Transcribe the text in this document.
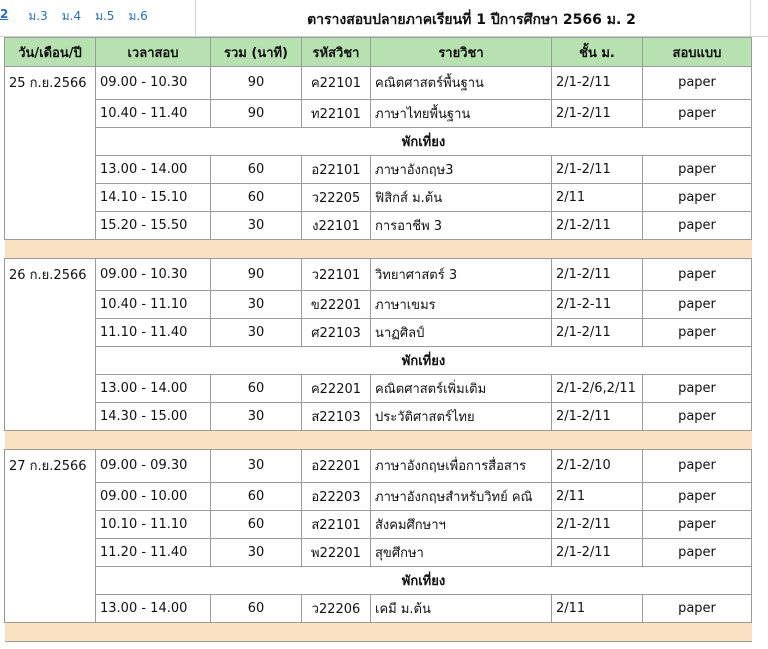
2	ม.3 ม.4 ม.5 ม.6	ตารางสอบปลายภาคเรียนที่ 1 ปีการศึกษา 2566 ม. 2
วัน/เดือน/ปี	เวลาสอบ	รวม (นาที)	รหัสวิชา	รายวิชา	ชั้น ม.	สอบแบบ
25 ก.ย.2566	09.00 - 10.30	90	ค22101	คณิตศาสตร์พื้นฐาน	2/1-2/11	paper
	10.40 - 11.40	90	ท22101	ภาษาไทยพื้นฐาน	2/1-2/11	paper
	พักเที่ยง					
	13.00 - 14.00	60	อ22101	ภาษาอังกฤษ3	2/1-2/11	paper
	14.10 - 15.10	60	ว22205	ฟิสิกส์ ม.ต้น	2/11	paper
	15.20 - 15.50	30	ง22101	การอาชีพ 3	2/1-2/11	paper

26 ก.ย.2566	09.00 - 10.30	90	ว22101	วิทยาศาสตร์ 3	2/1-2/11	paper
	10.40 - 11.10	30	ข22201	ภาษาเขมร	2/1-2-11	paper
	11.10 - 11.40	30	ศ22103	นาฏศิลป์	2/1-2/11	paper
	พักเที่ยง					
	13.00 - 14.00	60	ค22201	คณิตศาสตร์เพิ่มเติม	2/1-2/6,2/11	paper
	14.30 - 15.00	30	ส22103	ประวัติศาสตร์ไทย	2/1-2/11	paper

27 ก.ย.2566	09.00 - 09.30	30	อ22201	ภาษาอังกฤษเพื่อการสื่อสาร	2/1-2/10	paper
	09.00 - 10.00	60	อ22203	ภาษาอังกฤษสำหรับวิทย์ คณิ	2/11	paper
	10.10 - 11.10	60	ส22101	สังคมศึกษาฯ	2/1-2/11	paper
	11.20 - 11.40	30	พ22201	สุขศึกษา	2/1-2/11	paper
	พักเที่ยง					
	13.00 - 14.00	60	ว22206	เคมี ม.ต้น	2/11	paper
